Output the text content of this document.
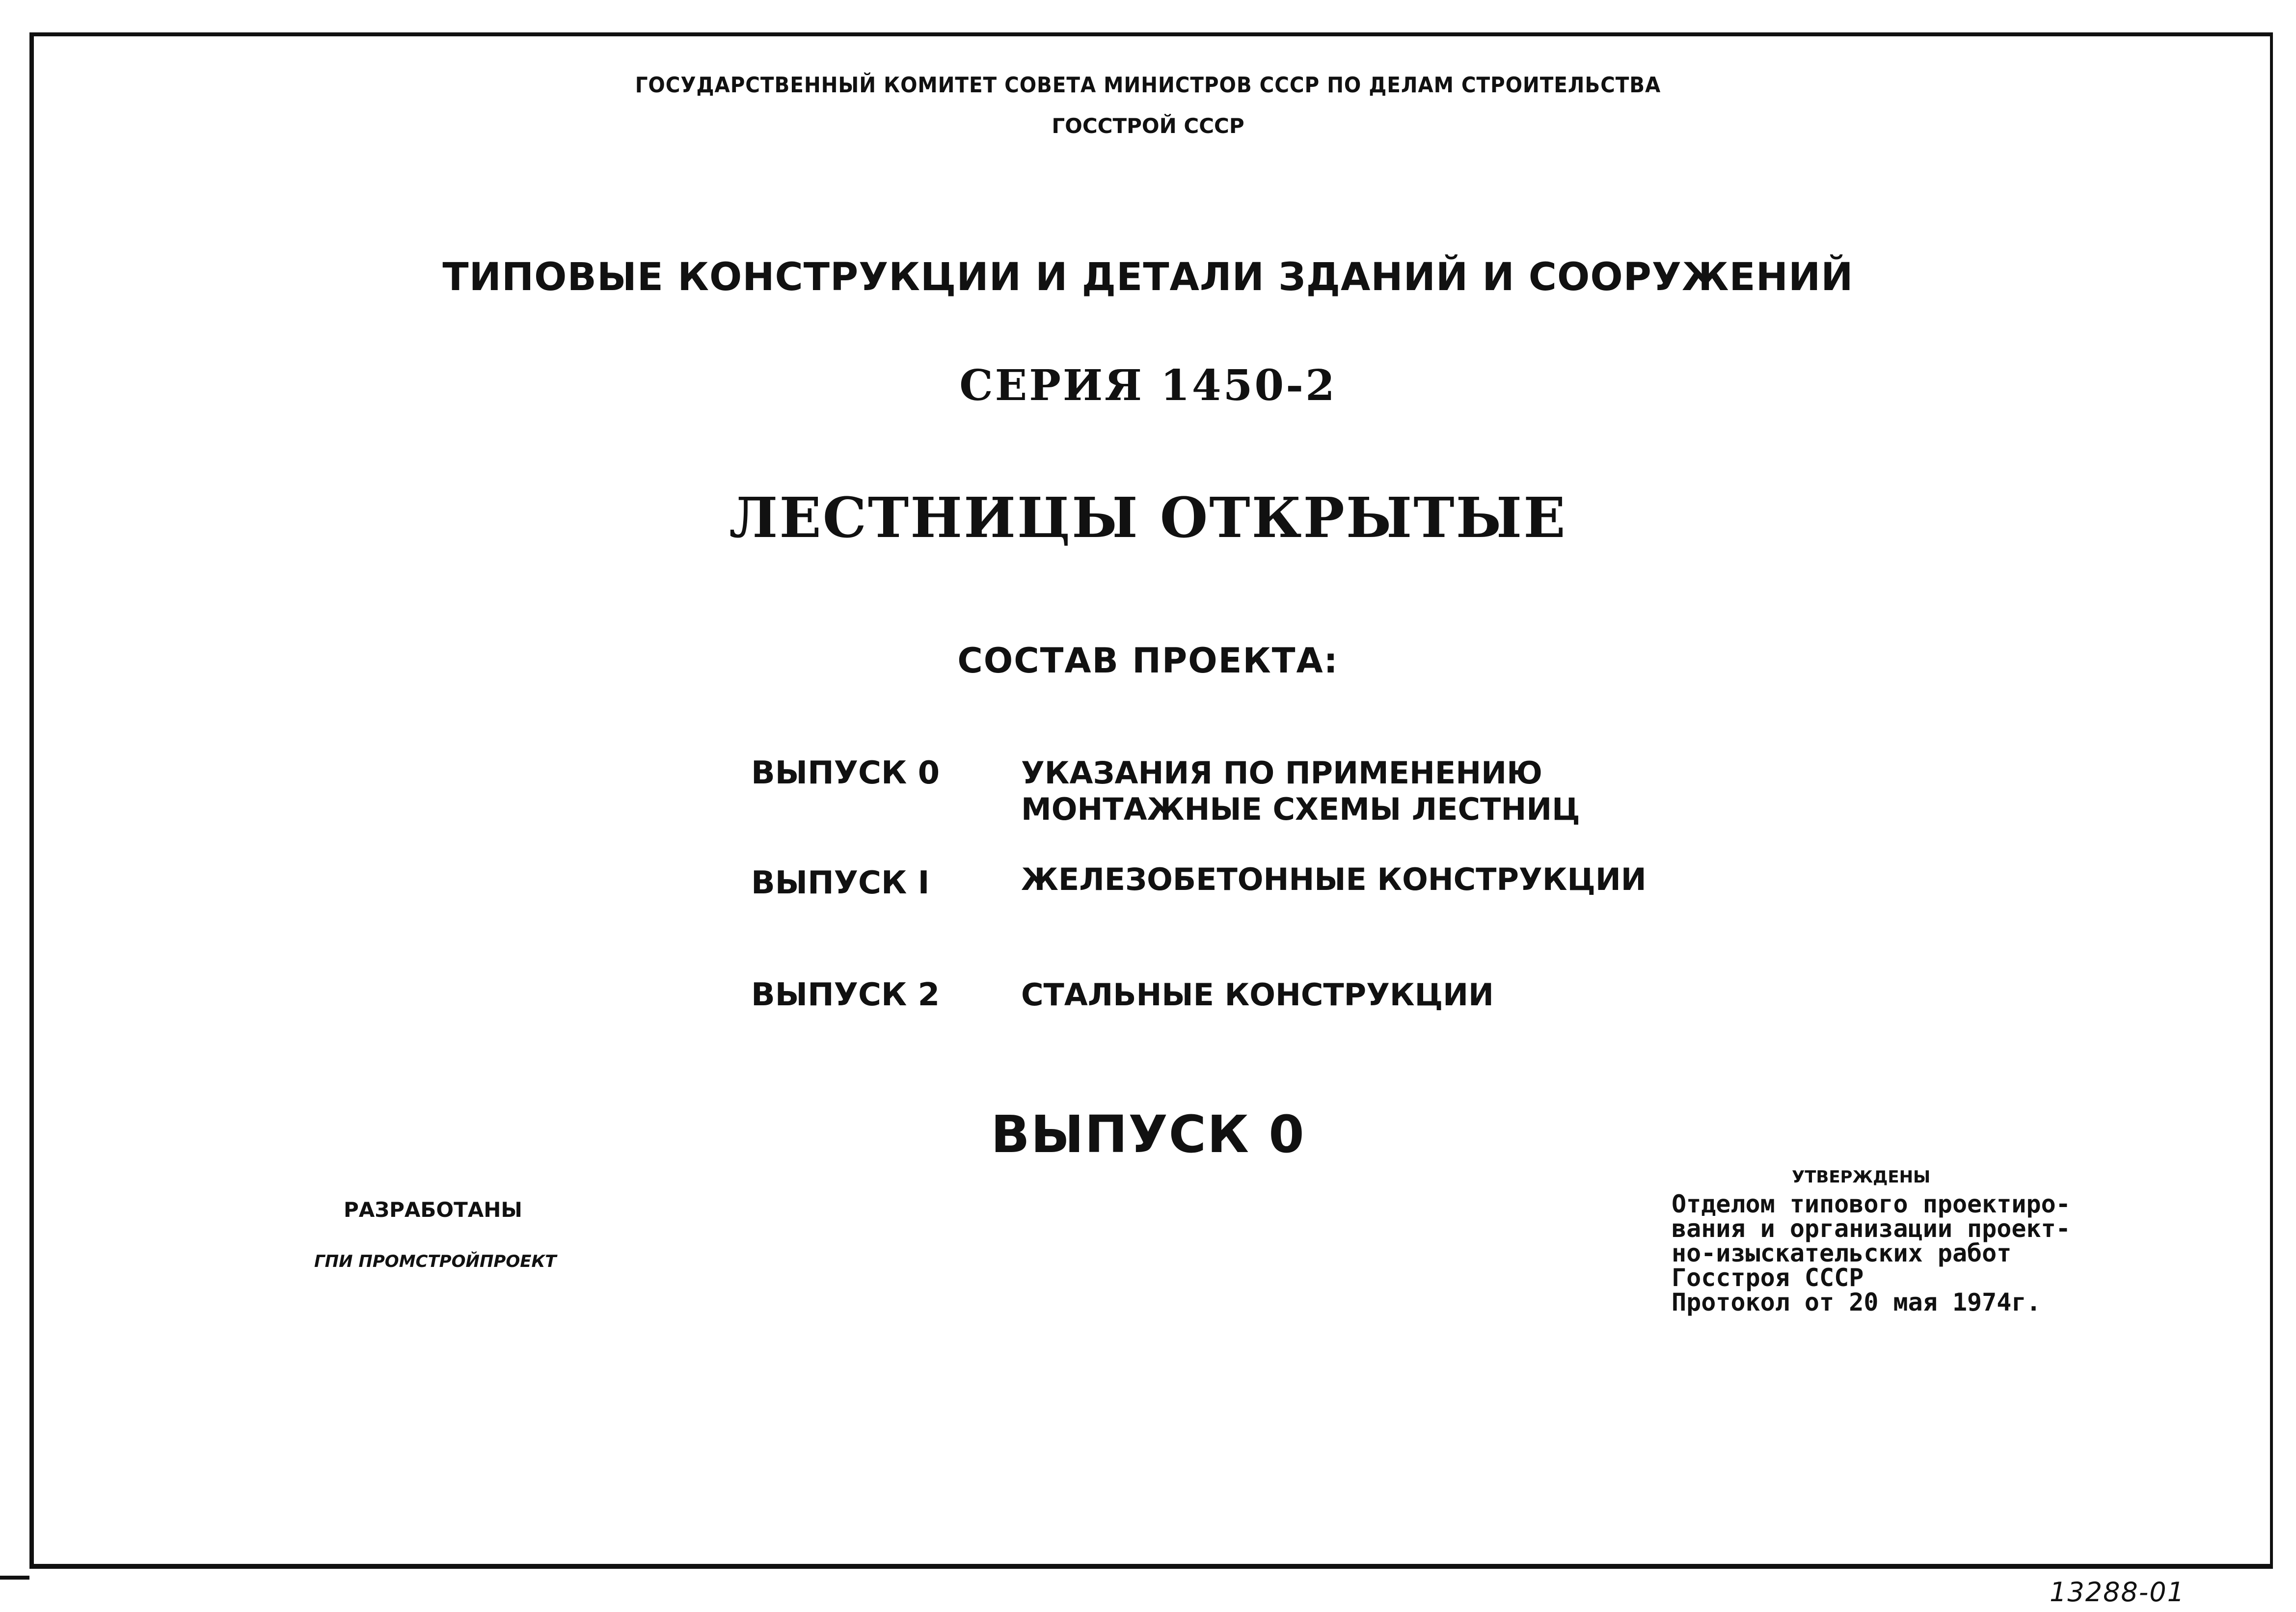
ГОСУДАРСТВЕННЫЙ КОМИТЕТ СОВЕТА МИНИСТРОВ СССР ПО ДЕЛАМ СТРОИТЕЛЬСТВА
ГОССТРОЙ СССР
ТИПОВЫЕ КОНСТРУКЦИИ И ДЕТАЛИ ЗДАНИЙ И СООРУЖЕНИЙ
СЕРИЯ 1450-2
ЛЕСТНИЦЫ ОТКРЫТЫЕ
СОСТАВ ПРОЕКТА:
ВЫПУСК 0	УКАЗАНИЯ ПО ПРИМЕНЕНИЮ
МОНТАЖНЫЕ СХЕМЫ ЛЕСТНИЦ
ВЫПУСК I	ЖЕЛЕЗОБЕТОННЫЕ КОНСТРУКЦИИ
ВЫПУСК 2	СТАЛЬНЫЕ КОНСТРУКЦИИ
ВЫПУСК 0
РАЗРАБОТАНЫ
ГПИ ПРОМСТРОЙПРОЕКТ
УТВЕРЖДЕНЫ
Отделом типового проектиро-
вания и организации проект-
но-изыскательских работ
Госстроя СССР
Протокол от 20 мая 1974г.
13288-01
